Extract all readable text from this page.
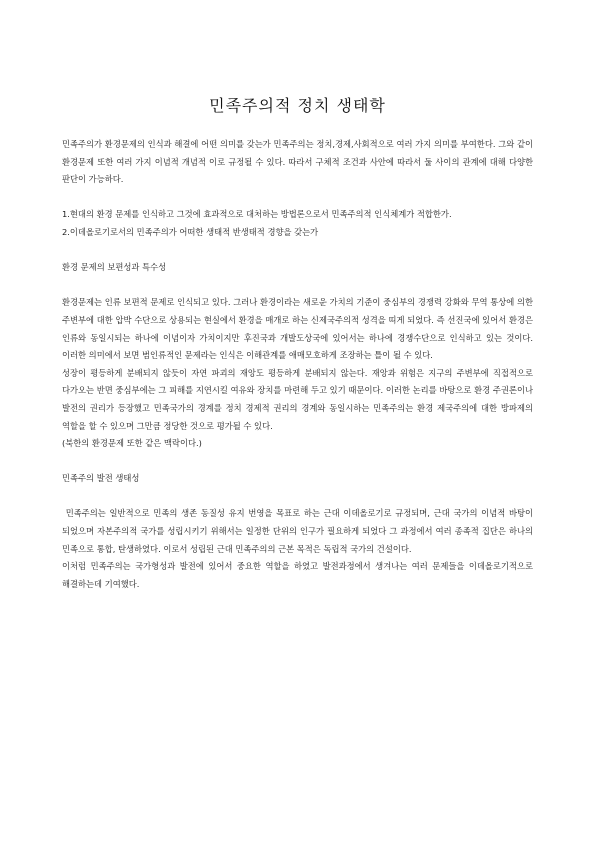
민족주의적 정치 생태학

민족주의가 환경문제의 인식과 해결에 어떤 의미를 갖는가 민족주의는 정치,경제,사회적으로 여러 가지 의미를 부여한다. 그와 같이 환경문제 또한 여러 가지 이념적 개념적 이로 규정될 수 있다. 따라서 구체적 조건과 사안에 따라서 둘 사이의 관계에 대해 다양한 판단이 가능하다.

1.현대의 환경 문제를 인식하고 그것에 효과적으로 대처하는 방법론으로서 민족주의적 인식체계가 적합한가.

2.이데올로기로서의 민족주의가 어떠한 생태적 반생태적 경향을 갖는가

환경 문제의 보편성과 특수성

환경문제는 인류 보편적 문제로 인식되고 있다. 그러나 환경이라는 새로운 가치의 기준이 중심부의 경쟁력 강화와 무역 통상에 의한 주변부에 대한 압박 수단으로 상용되는 현실에서 환경을 매개로 하는 신제국주의적 성격을 띠게 되었다. 즉 선진국에 있어서 환경은 인류와 동일시되는 하나에 이념이자 가치이지만 후진국과 개발도상국에 있어서는 하나에 경쟁수단으로 인식하고 있는 것이다. 이러한 의미에서 보면 범인류적인 문제라는 인식은 이해관계를 애매모호하게 조장하는 틀이 될 수 있다.

성장이 평등하게 분배되지 않듯이 자연 파괴의 재앙도 평등하게 분배되지 않는다. 재앙과 위험은 지구의 주변부에 직접적으로 다가오는 반면 중심부에는 그 피해를 지연시킬 여유와 장치를 마련해 두고 있기 때문이다. 이러한 논리를 바탕으로 환경 주권론이나 발전의 권리가 등장했고 민족국가의 경계를 정치 경제적 권리의 경계와 동일시하는 민족주의는 환경 제국주의에 대한 방파제의 역할을 할 수 있으며 그만큼 정당한 것으로 평가될 수 있다.

(북한의 환경문제 또한 같은 맥락이다.)

민족주의 발전 생태성

민족주의는 일반적으로 민족의 생존 동질성 유지 번영을 목표로 하는 근대 이데올로기로 규정되며, 근대 국가의 이념적 바탕이 되었으며 자본주의적 국가를 성립시키기 위해서는 일정한 단위의 인구가 필요하게 되었다 그 과정에서 여러 종족적 집단은 하나의 민족으로 통합, 탄생하였다. 이로서 성립된 근대 민족주의의 근본 목적은 독립적 국가의 건설이다.

이처럼 민족주의는 국가형성과 발전에 있어서 중요한 역할을 하였고 발전과정에서 생겨나는 여러 문제들을 이데올로기적으로 해결하는데 기여했다.
